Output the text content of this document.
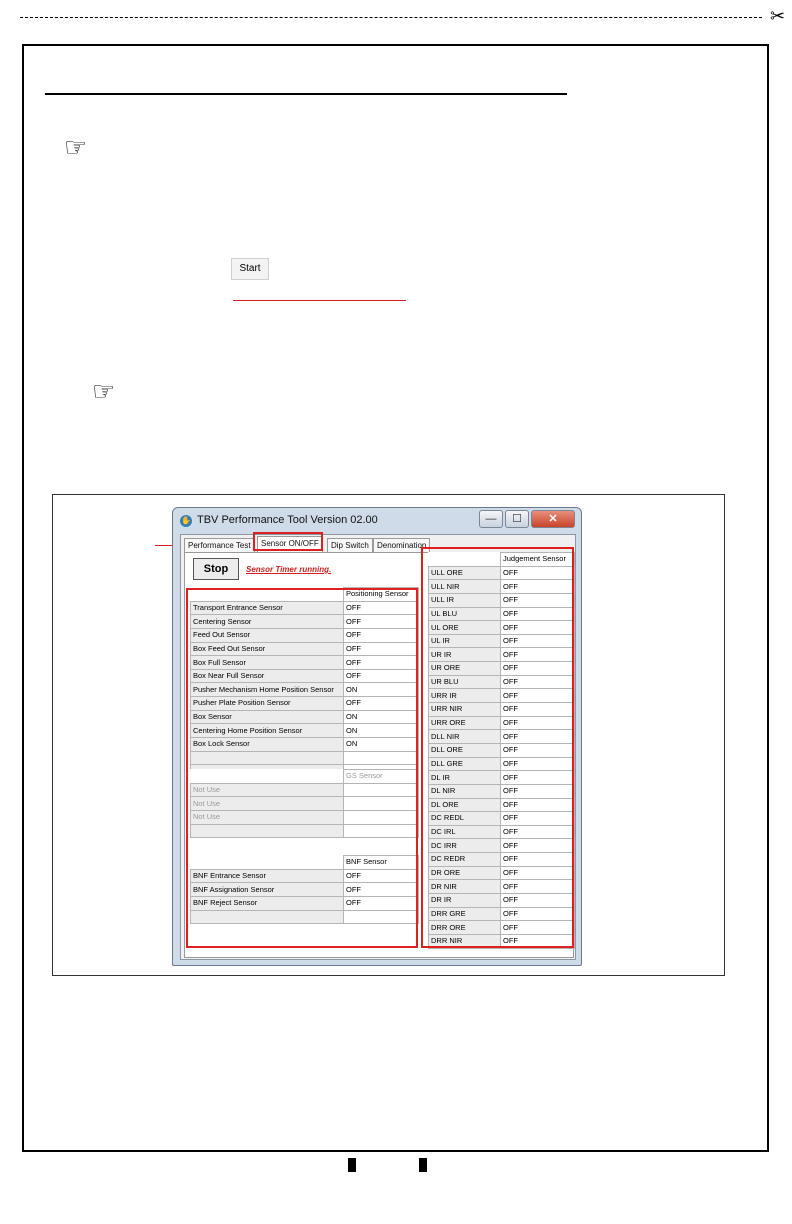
✂
☞
☞
Start
✋ TBV Performance Tool Version 02.00	—	☐	✕
Performance Test	Sensor ON/OFF	Dip Switch	Denomination
Stop	Sensor Timer running.
	Positioning Sensor
Transport Entrance Sensor	OFF
Centering Sensor	OFF
Feed Out Sensor	OFF
Box Feed Out Sensor	OFF
Box Full Sensor	OFF
Box Near Full Sensor	OFF
Pusher Mechanism Home Position Sensor	ON
Pusher Plate Position Sensor	OFF
Box Sensor	ON
Centering Home Position Sensor	ON
Box Lock Sensor	ON

	GS Sensor
Not Use	
Not Use	
Not Use	

	BNF Sensor
BNF Entrance Sensor	OFF
BNF Assignation Sensor	OFF
BNF Reject Sensor	OFF

	Judgement Sensor
ULL ORE	OFF
ULL NIR	OFF
ULL IR	OFF
UL BLU	OFF
UL ORE	OFF
UL IR	OFF
UR IR	OFF
UR ORE	OFF
UR BLU	OFF
URR IR	OFF
URR NIR	OFF
URR ORE	OFF
DLL NIR	OFF
DLL ORE	OFF
DLL GRE	OFF
DL IR	OFF
DL NIR	OFF
DL ORE	OFF
DC REDL	OFF
DC IRL	OFF
DC IRR	OFF
DC REDR	OFF
DR ORE	OFF
DR NIR	OFF
DR IR	OFF
DRR GRE	OFF
DRR ORE	OFF
DRR NIR	OFF
